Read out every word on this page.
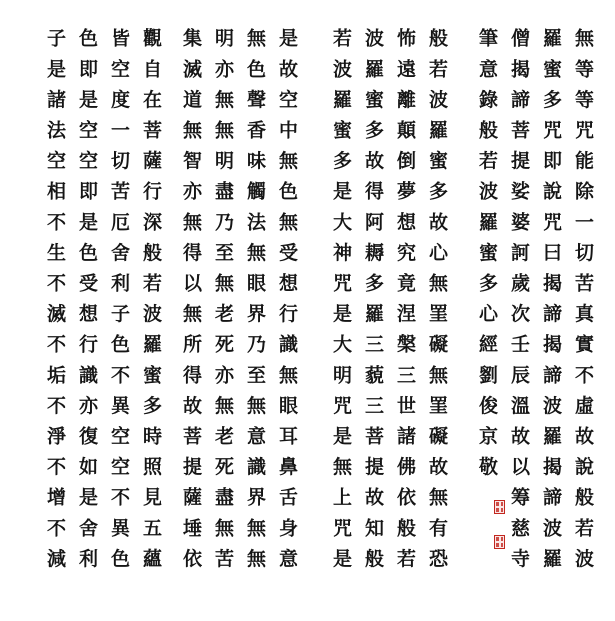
觀自在菩薩行深般若波羅蜜多時照見五蘊
皆空度一切苦厄舍利子色不異空空不異色
色即是空空即是色受想行識亦復如是舍利
子是諸法空相不生不滅不垢不淨不增不減	是故空中無色無受想行識無眼耳鼻舌身意
無色聲香味觸法無眼界乃至無意識界無無
明亦無無明盡乃至無老死亦無老死盡無苦
集滅道無智亦無得以無所得故菩提薩埵依	般若波羅蜜多故心無罣礙無罣礙故無有恐
怖遠離顛倒夢想究竟涅槃三世諸佛依般若
波羅蜜多故得阿耨多羅三藐三菩提故知般
若波羅蜜多是大神咒是大明咒是無上咒是	無等等咒能除一切苦真實不虛故說般若波
羅蜜多咒即說咒曰揭諦揭諦波羅揭諦波羅
僧揭諦菩提娑婆訶歲次壬辰溫故以筹慈寺
筆意錄般若波羅蜜多心經劉俊京敬
